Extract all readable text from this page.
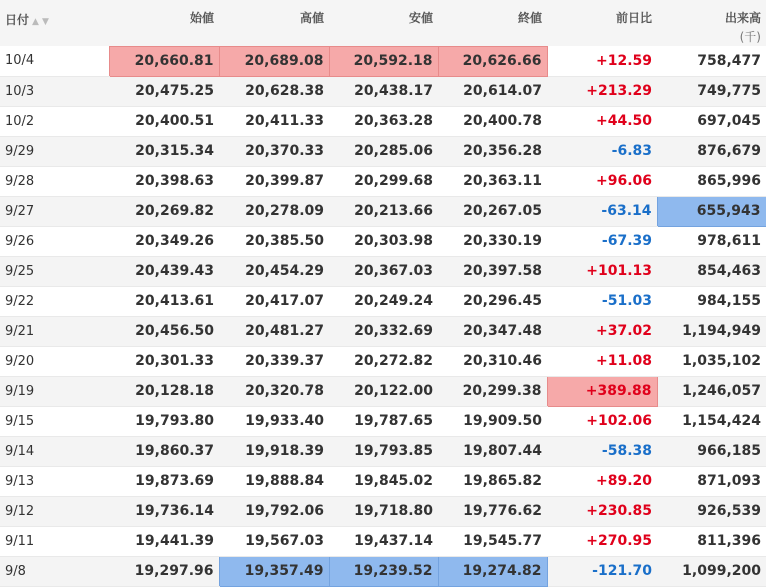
日付 ▲ ▼	始値	高値	安値	終値	前日比	出来高
(千)

10/4	20,660.81	20,689.08	20,592.18	20,626.66	+12.59	758,477
10/3	20,475.25	20,628.38	20,438.17	20,614.07	+213.29	749,775
10/2	20,400.51	20,411.33	20,363.28	20,400.78	+44.50	697,045
9/29	20,315.34	20,370.33	20,285.06	20,356.28	-6.83	876,679
9/28	20,398.63	20,399.87	20,299.68	20,363.11	+96.06	865,996
9/27	20,269.82	20,278.09	20,213.66	20,267.05	-63.14	655,943
9/26	20,349.26	20,385.50	20,303.98	20,330.19	-67.39	978,611
9/25	20,439.43	20,454.29	20,367.03	20,397.58	+101.13	854,463
9/22	20,413.61	20,417.07	20,249.24	20,296.45	-51.03	984,155
9/21	20,456.50	20,481.27	20,332.69	20,347.48	+37.02	1,194,949
9/20	20,301.33	20,339.37	20,272.82	20,310.46	+11.08	1,035,102
9/19	20,128.18	20,320.78	20,122.00	20,299.38	+389.88	1,246,057
9/15	19,793.80	19,933.40	19,787.65	19,909.50	+102.06	1,154,424
9/14	19,860.37	19,918.39	19,793.85	19,807.44	-58.38	966,185
9/13	19,873.69	19,888.84	19,845.02	19,865.82	+89.20	871,093
9/12	19,736.14	19,792.06	19,718.80	19,776.62	+230.85	926,539
9/11	19,441.39	19,567.03	19,437.14	19,545.77	+270.95	811,396
9/8	19,297.96	19,357.49	19,239.52	19,274.82	-121.70	1,099,200
